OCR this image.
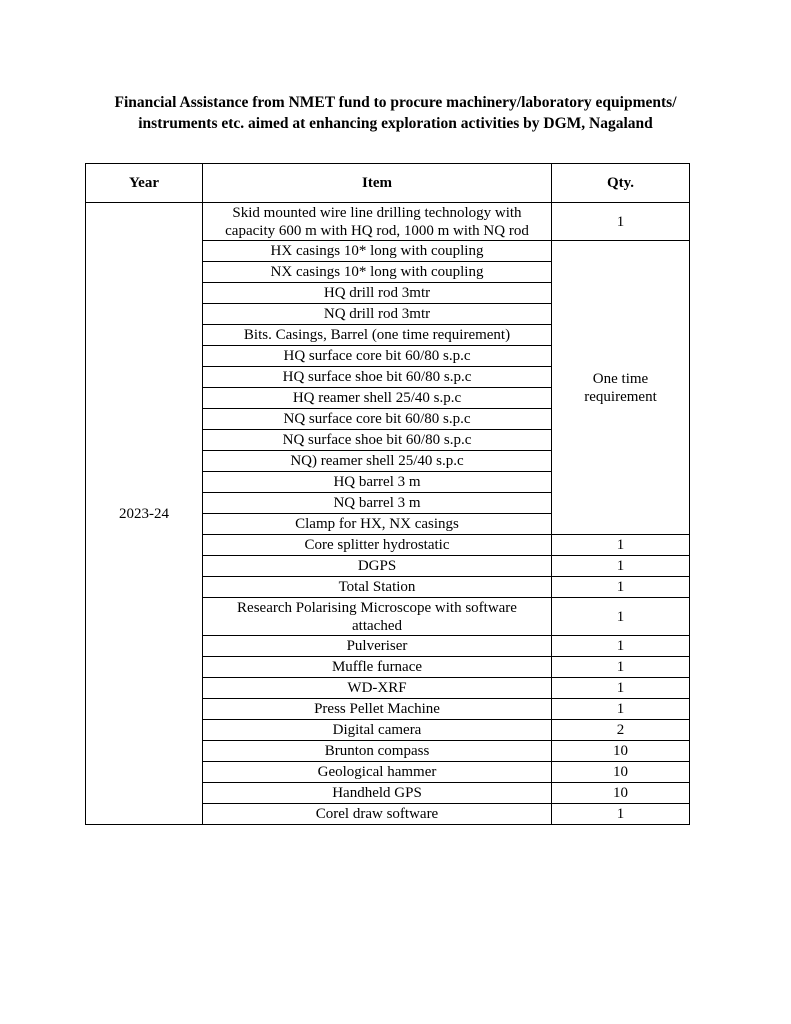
Financial Assistance from NMET fund to procure machinery/laboratory equipments/
instruments etc. aimed at enhancing exploration activities by DGM, Nagaland
Year	Item	Qty.
2023-24	Skid mounted wire line drilling technology with
capacity 600 m with HQ rod, 1000 m with NQ rod	1
	HX casings 10* long with coupling	One time
requirement

	NX casings 10* long with coupling	
	HQ drill rod 3mtr	
	NQ drill rod 3mtr	
	Bits. Casings, Barrel (one time requirement)	
	HQ surface core bit 60/80 s.p.c	
	HQ surface shoe bit 60/80 s.p.c	
	HQ reamer shell 25/40 s.p.c	
	NQ surface core bit 60/80 s.p.c	
	NQ surface shoe bit 60/80 s.p.c	
	NQ) reamer shell 25/40 s.p.c	
	HQ barrel 3 m	
	NQ barrel 3 m	
	Clamp for HX, NX casings	
	Core splitter hydrostatic	1
	DGPS	1
	Total Station	1

	Research Polarising Microscope with software
attached	1
	Pulveriser	1
	Muffle furnace	1
	WD-XRF	1
	Press Pellet Machine	1
	Digital camera	2
	Brunton compass	10
	Geological hammer	10
	Handheld GPS	10
	Corel draw software	1
